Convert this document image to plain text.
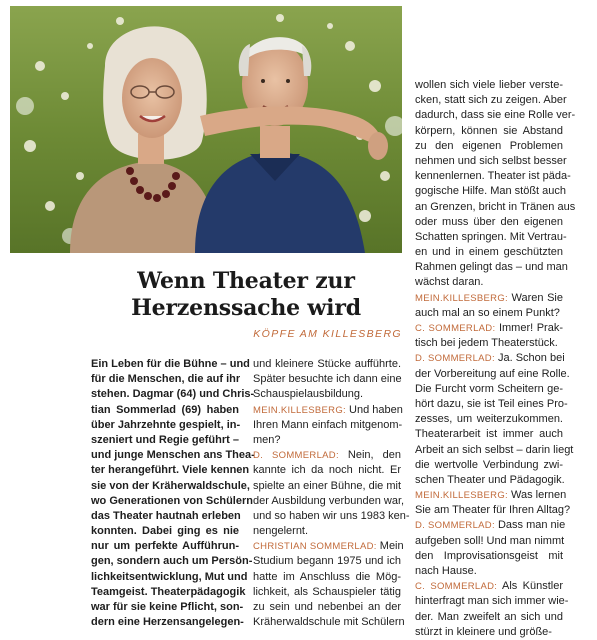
Wenn Theater zur
Herzenssache wird
KÖPFE AM KILLESBERG
Ein Leben für die Bühne – und
für die Menschen, die auf ihr
stehen. Dagmar (64) und Chris-
tian Sommerlad (69) haben
über Jahrzehnte gespielt, in-
szeniert und Regie geführt –
und junge Menschen ans Thea-
ter herangeführt. Viele kennen
sie von der Kräherwaldschule,
wo Generationen von Schülern
das Theater hautnah erleben
konnten. Dabei ging es nie
nur um perfekte Aufführun-
gen, sondern auch um Persön-
lichkeitsentwicklung, Mut und
Teamgeist. Theaterpädagogik
war für sie keine Pflicht, son-
dern eine Herzensangelegen-
und kleinere Stücke aufführte.
Später besuchte ich dann eine
Schauspielausbildung.
MEIN.KILLESBERG: Und haben
Ihren Mann einfach mitgenom-
men?
D. SOMMERLAD: Nein, den
kannte ich da noch nicht. Er
spielte an einer Bühne, die mit
der Ausbildung verbunden war,
und so haben wir uns 1983 ken-
nengelernt.
CHRISTIAN SOMMERLAD: Mein
Studium begann 1975 und ich
hatte im Anschluss die Mög-
lichkeit, als Schauspieler tätig
zu sein und nebenbei an der
Kräherwaldschule mit Schülern
wollen sich viele lieber verste-
cken, statt sich zu zeigen. Aber
dadurch, dass sie eine Rolle ver-
körpern, können sie Abstand
zu den eigenen Problemen
nehmen und sich selbst besser
kennenlernen. Theater ist päda-
gogische Hilfe. Man stößt auch
an Grenzen, bricht in Tränen aus
oder muss über den eigenen
Schatten springen. Mit Vertrau-
en und in einem geschützten
Rahmen gelingt das – und man
wächst daran.
MEIN.KILLESBERG: Waren Sie
auch mal an so einem Punkt?
C. SOMMERLAD: Immer! Prak-
tisch bei jedem Theaterstück.
D. SOMMERLAD: Ja. Schon bei
der Vorbereitung auf eine Rolle.
Die Furcht vorm Scheitern ge-
hört dazu, sie ist Teil eines Pro-
zesses, um weiterzukommen.
Theaterarbeit ist immer auch
Arbeit an sich selbst – darin liegt
die wertvolle Verbindung zwi-
schen Theater und Pädagogik.
MEIN.KILLESBERG: Was lernen
Sie am Theater für Ihren Alltag?
D. SOMMERLAD: Dass man nie
aufgeben soll! Und man nimmt
den Improvisationsgeist mit
nach Hause.
C. SOMMERLAD: Als Künstler
hinterfragt man sich immer wie-
der. Man zweifelt an sich und
stürzt in kleinere und größe-
